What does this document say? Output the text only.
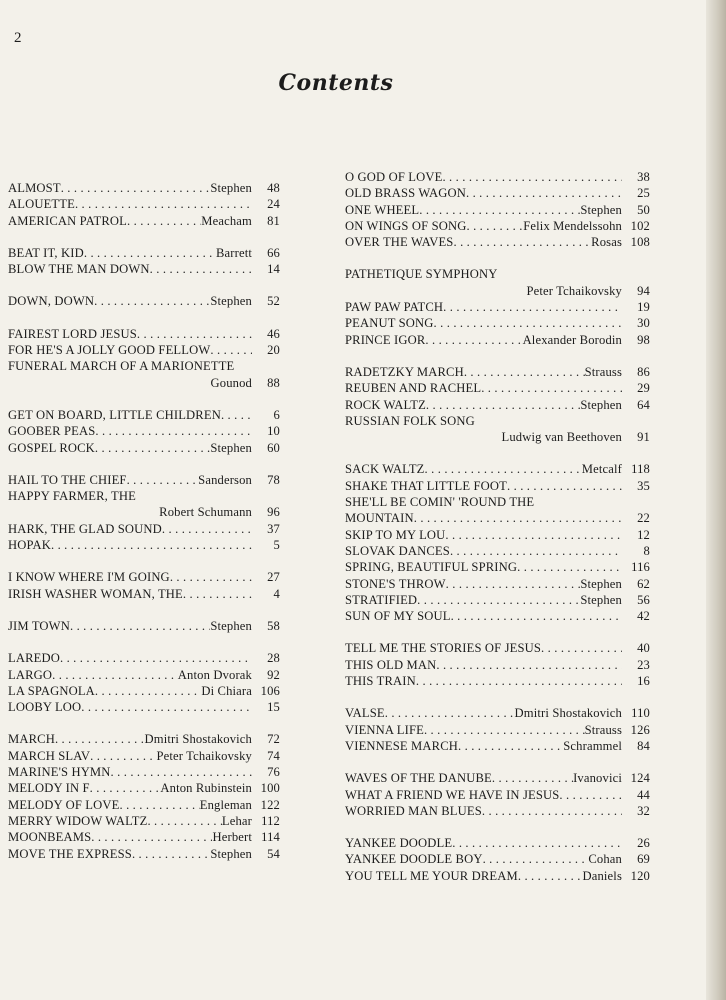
2
Contents
ALMOST . . .	Stephen	48
ALOUETTE . . .	24
AMERICAN PATROL . . .	Meacham	81
BEAT IT, KID . . .	Barrett	66
BLOW THE MAN DOWN . . .	14
DOWN, DOWN . . .	Stephen	52
FAIREST LORD JESUS . . .	46
FOR HE'S A JOLLY GOOD FELLOW . . .	20
FUNERAL MARCH OF A MARIONETTE
Gounod	88
GET ON BOARD, LITTLE CHILDREN . . .	6
GOOBER PEAS . . .	10
GOSPEL ROCK . . .	Stephen	60
HAIL TO THE CHIEF . . .	Sanderson	78
HAPPY FARMER, THE
Robert Schumann	96
HARK, THE GLAD SOUND . . .	37
HOPAK . . .	5
I KNOW WHERE I'M GOING . . .	27
IRISH WASHER WOMAN, THE . . .	4
JIM TOWN . . .	Stephen	58
LAREDO . . .	28
LARGO . . .	Anton Dvorak	92
LA SPAGNOLA . . .	Di Chiara 106
LOOBY LOO . . .	15
MARCH . . .	Dmitri Shostakovich	72
MARCH SLAV . . .	Peter Tchaikovsky	74
MARINE'S HYMN . . .	76
MELODY IN F . . .	Anton Rubinstein 100
MELODY OF LOVE . . .	Engleman 122
MERRY WIDOW WALTZ . . .	Lehar 112
MOONBEAMS . . .	Herbert 114
MOVE THE EXPRESS . . .	Stephen	54
O GOD OF LOVE . . .	38
OLD BRASS WAGON . . .	25
ONE WHEEL . . .	Stephen	50
ON WINGS OF SONG . . .	Felix Mendelssohn 102
OVER THE WAVES . . .	Rosas 108
PATHETIQUE SYMPHONY
Peter Tchaikovsky	94
PAW PAW PATCH . . .	19
PEANUT SONG . . .	30
PRINCE IGOR . . .	Alexander Borodin	98
RADETZKY MARCH . . .	Strauss	86
REUBEN AND RACHEL . . .	29
ROCK WALTZ . . .	Stephen	64
RUSSIAN FOLK SONG
Ludwig van Beethoven	91
SACK WALTZ . . .	Metcalf 118
SHAKE THAT LITTLE FOOT . . .	35
SHE'LL BE COMIN' 'ROUND THE
MOUNTAIN . . .	22
SKIP TO MY LOU . . .	12
SLOVAK DANCES . . .	8
SPRING, BEAUTIFUL SPRING . . .	116
STONE'S THROW . . .	Stephen	62
STRATIFIED . . .	Stephen	56
SUN OF MY SOUL . . .	42
TELL ME THE STORIES OF JESUS . . .	40
THIS OLD MAN . . .	23
THIS TRAIN . . .	16
VALSE . . .	Dmitri Shostakovich 110
VIENNA LIFE . . .	Strauss 126
VIENNESE MARCH . . .	Schrammel	84
WAVES OF THE DANUBE . . .	Ivanovici 124
WHAT A FRIEND WE HAVE IN JESUS . . .	44
WORRIED MAN BLUES . . .	32
YANKEE DOODLE . . .	26
YANKEE DOODLE BOY . . .	Cohan	69
YOU TELL ME YOUR DREAM . . .	Daniels 120
